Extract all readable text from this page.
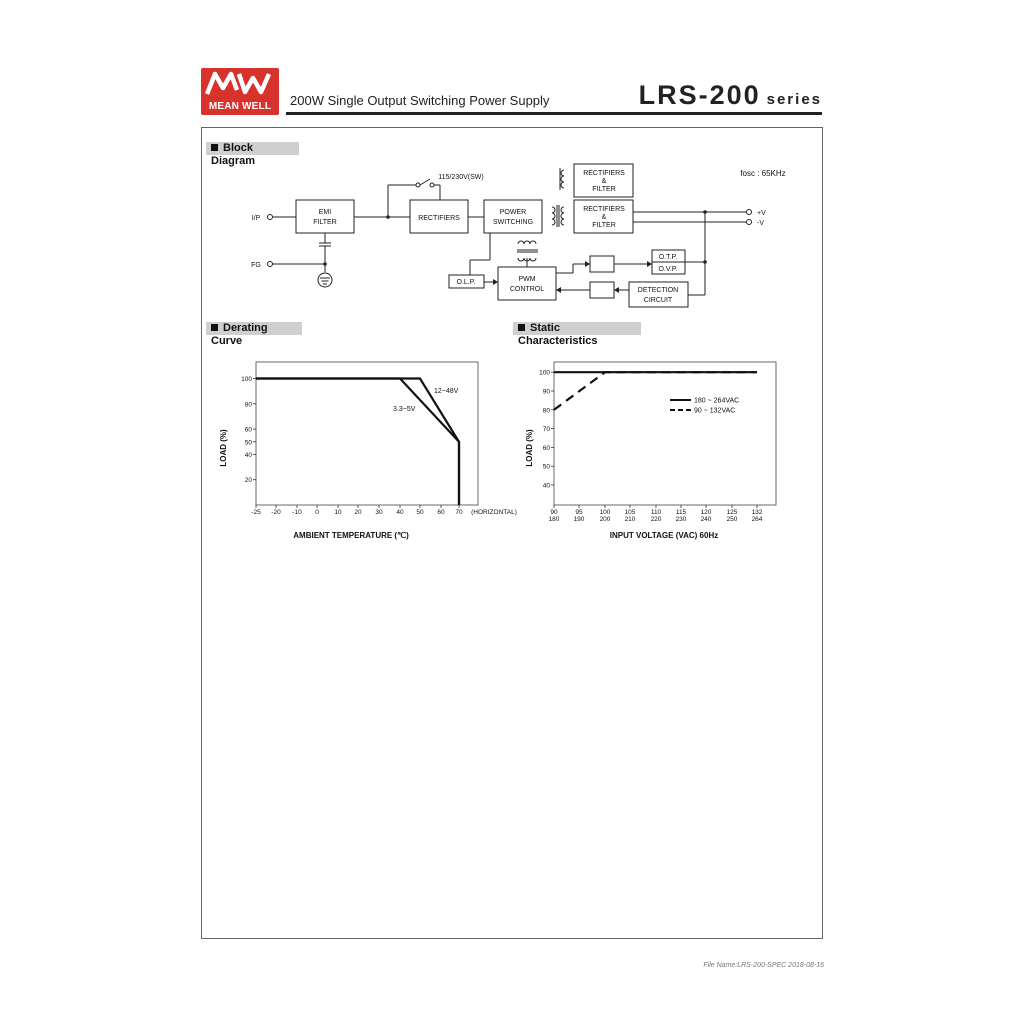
MEAN WELL	200W Single Output Switching Power Supply	LRS-200 series
Block Diagram
Derating Curve
Static Characteristics
I/P
FG
EMI
FILTER
115/230V(SW)
RECTIFIERS
POWER
SWITCHING
RECTIFIERS
&
FILTER
RECTIFIERS
&
FILTER
fosc : 65KHz
O.L.P.	PWM
CONTROL
O.T.P.
O.V.P.
DETECTION
CIRCUIT
+V
-V
20
40
50
60
80
100
-25 -20 -10 0 10 20 30 40 50 60 70 (HORIZONTAL)
AMBIENT TEMPERATURE (℃)
LOAD (%)
12~48V
3.3~5V
40
50
60
70
80
90
100
90
180
95
190
100
200
105
210
110
220
115
230
120
240
125
250
132
264
INPUT VOLTAGE (VAC) 60Hz
LOAD (%)
180 ~ 264VAC
90 ~ 132VAC
File Name:LRS-200-SPEC 2018-08-16
